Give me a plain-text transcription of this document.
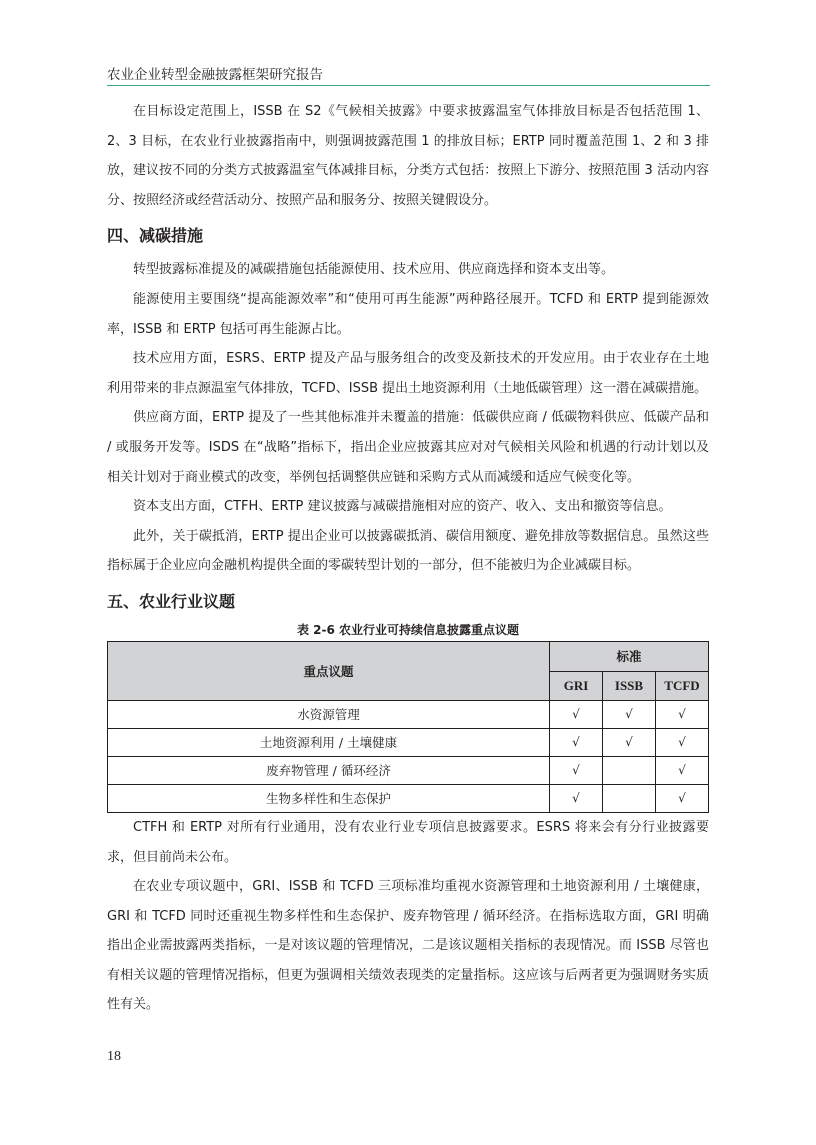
农业企业转型金融披露框架研究报告

在目标设定范围上，ISSB 在 S2《气候相关披露》中要求披露温室气体排放目标是否包括范围 1、2、3 目标，在农业行业披露指南中，则强调披露范围 1 的排放目标；ERTP 同时覆盖范围 1、2 和 3 排放，建议按不同的分类方式披露温室气体减排目标，分类方式包括：按照上下游分、按照范围 3 活动内容分、按照经济或经营活动分、按照产品和服务分、按照关键假设分。

四、减碳措施

转型披露标准提及的减碳措施包括能源使用、技术应用、供应商选择和资本支出等。

能源使用主要围绕“提高能源效率”和“使用可再生能源”两种路径展开。TCFD 和 ERTP 提到能源效率，ISSB 和 ERTP 包括可再生能源占比。

技术应用方面，ESRS、ERTP 提及产品与服务组合的改变及新技术的开发应用。由于农业存在土地利用带来的非点源温室气体排放，TCFD、ISSB 提出土地资源利用（土地低碳管理）这一潜在减碳措施。

供应商方面，ERTP 提及了一些其他标准并未覆盖的措施：低碳供应商 / 低碳物料供应、低碳产品和 / 或服务开发等。ISDS 在“战略”指标下，指出企业应披露其应对对气候相关风险和机遇的行动计划以及相关计划对于商业模式的改变，举例包括调整供应链和采购方式从而减缓和适应气候变化等。

资本支出方面，CTFH、ERTP 建议披露与减碳措施相对应的资产、收入、支出和撤资等信息。

此外，关于碳抵消，ERTP 提出企业可以披露碳抵消、碳信用额度、避免排放等数据信息。虽然这些指标属于企业应向金融机构提供全面的零碳转型计划的一部分，但不能被归为企业减碳目标。

五、农业行业议题
表 2-6 农业行业可持续信息披露重点议题
重点议题	标准		
	GRI	ISSB	TCFD
水资源管理	√	√	√
土地资源利用 / 土壤健康	√	√	√
废弃物管理 / 循环经济	√		√
生物多样性和生态保护	√		√

CTFH 和 ERTP 对所有行业通用，没有农业行业专项信息披露要求。ESRS 将来会有分行业披露要求，但目前尚未公布。

在农业专项议题中，GRI、ISSB 和 TCFD 三项标准均重视水资源管理和土地资源利用 / 土壤健康，GRI 和 TCFD 同时还重视生物多样性和生态保护、废弃物管理 / 循环经济。在指标选取方面，GRI 明确指出企业需披露两类指标，一是对该议题的管理情况，二是该议题相关指标的表现情况。而 ISSB 尽管也有相关议题的管理情况指标，但更为强调相关绩效表现类的定量指标。这应该与后两者更为强调财务实质性有关。

18
